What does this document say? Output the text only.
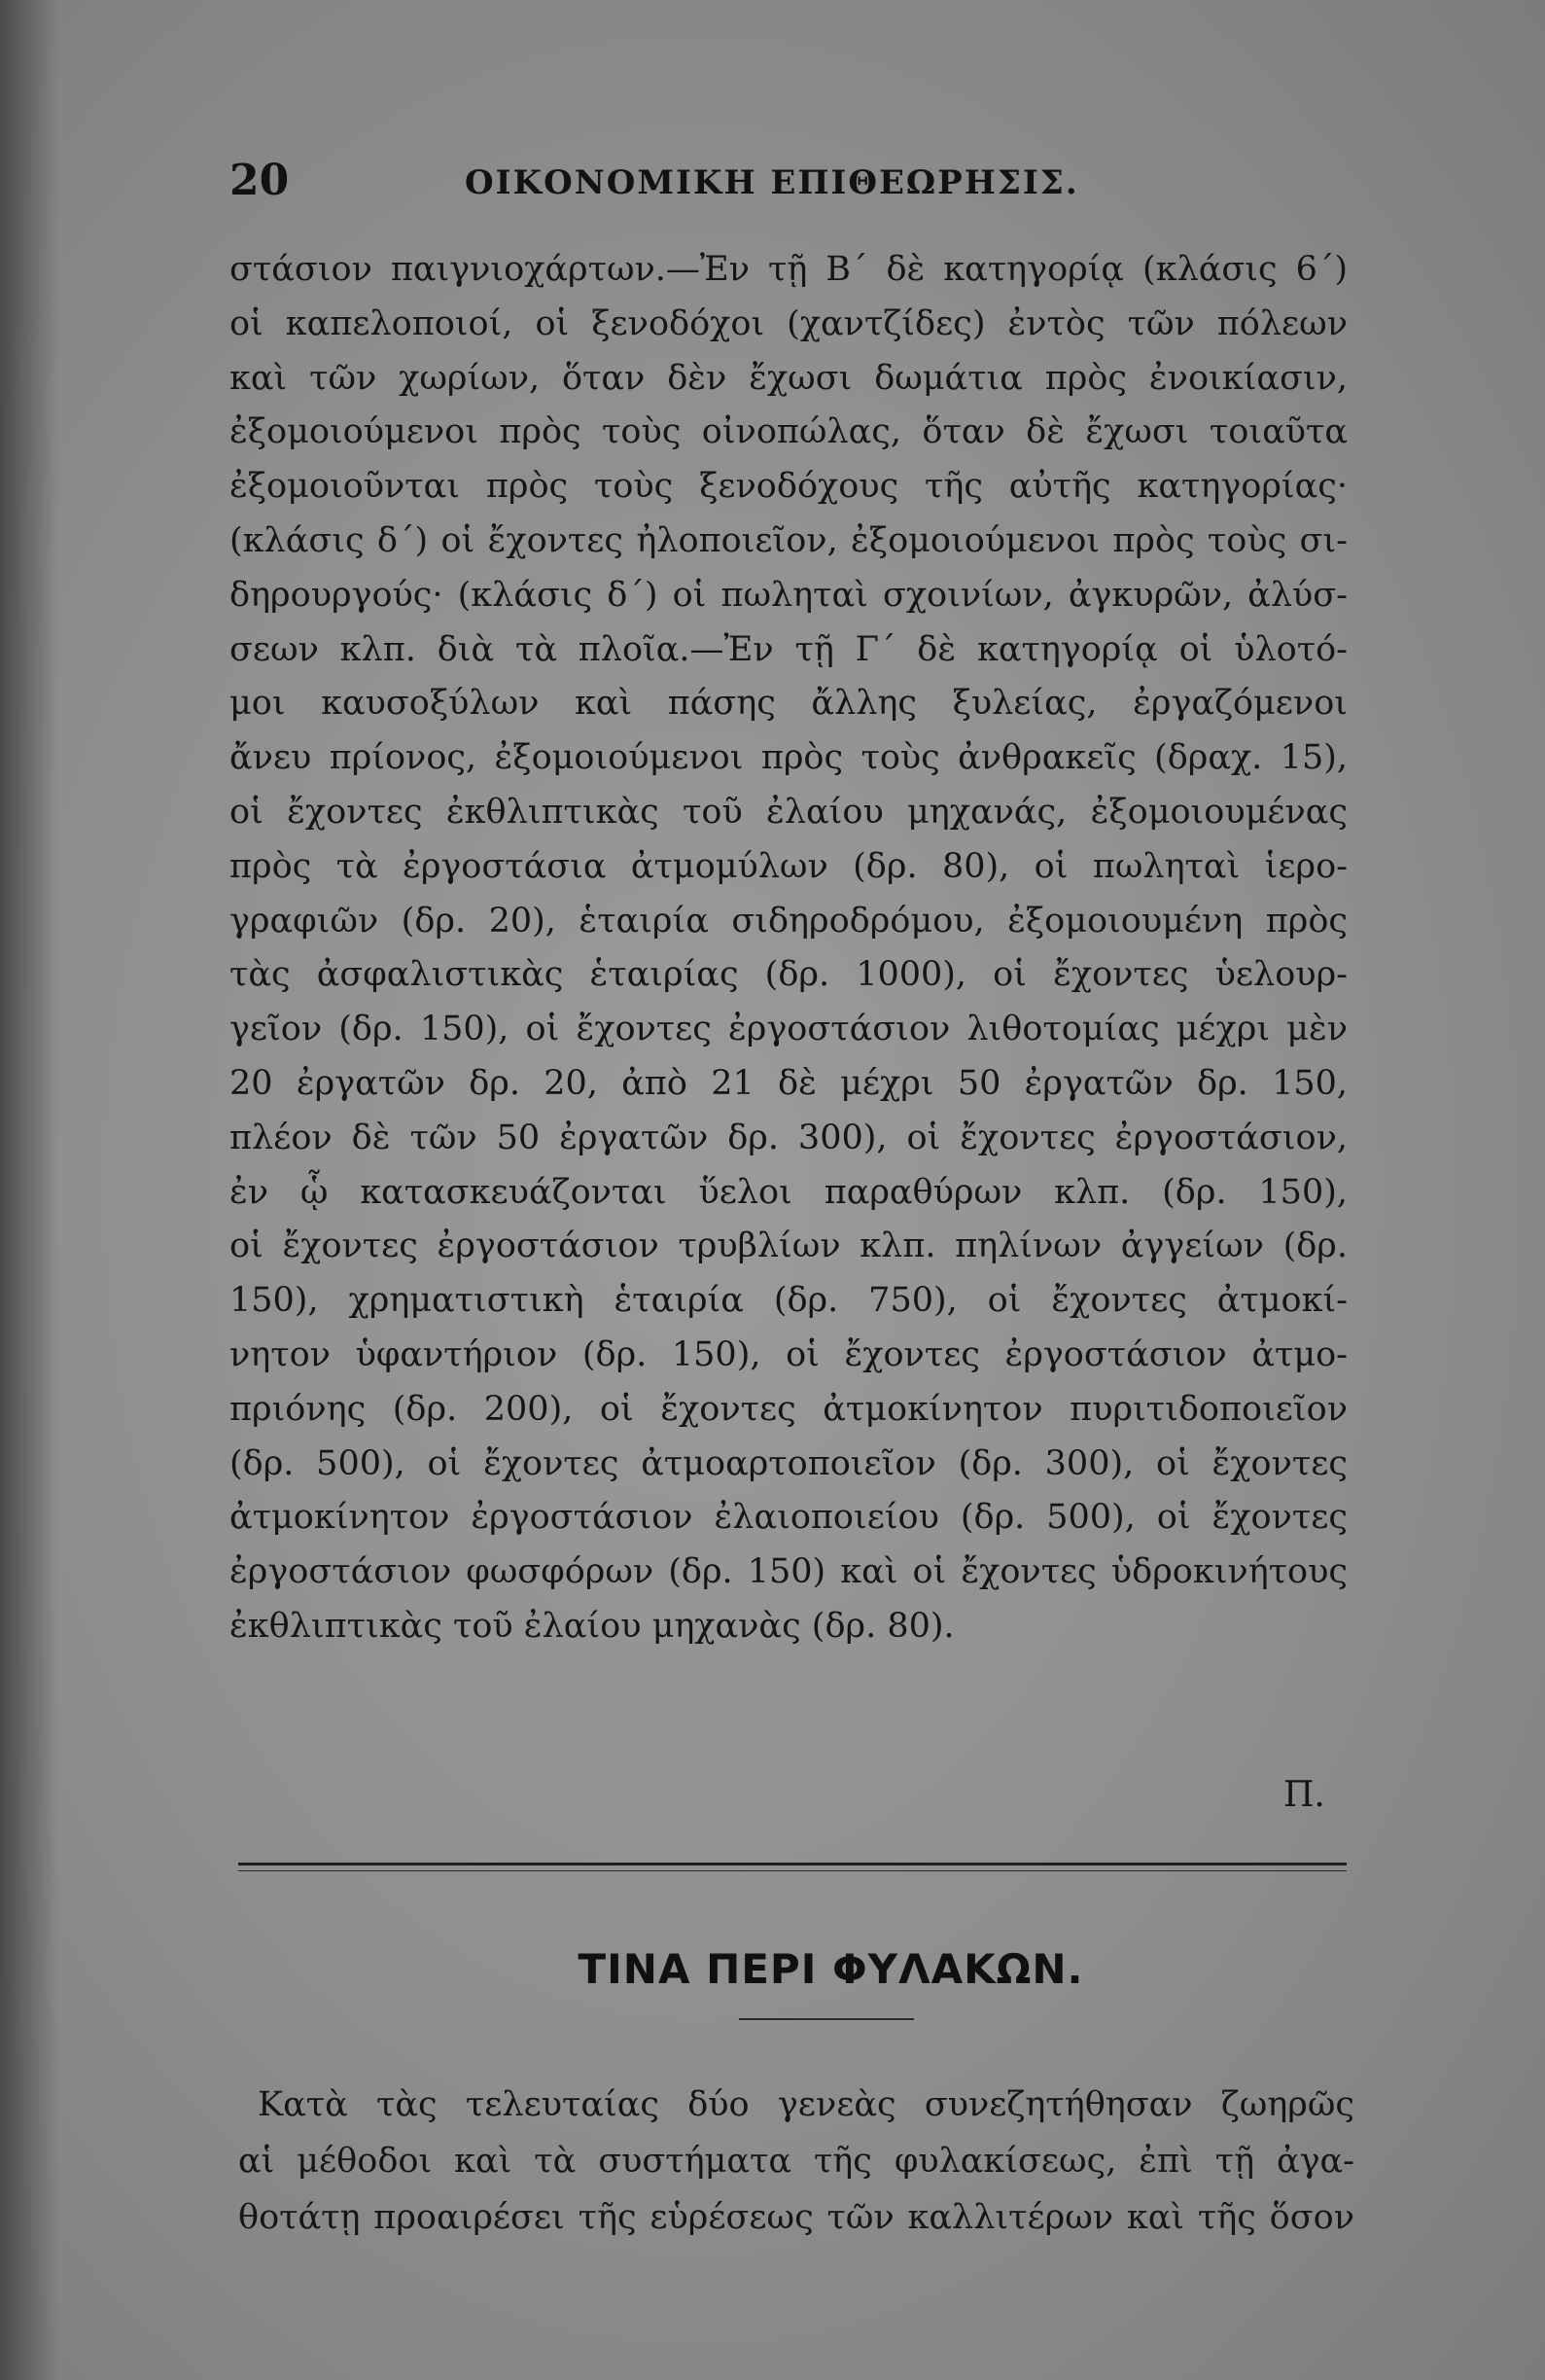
20	ΟΙΚΟΝΟΜΙΚΗ ΕΠΙΘΕΩΡΗΣΙΣ.
στάσιον παιγνιοχάρτων.—Ἐν τῇ Β΄ δὲ κατηγορίᾳ (κλάσις 6΄)
οἱ καπελοποιοί, οἱ ξενοδόχοι (χαντζίδες) ἐντὸς τῶν πόλεων
καὶ τῶν χωρίων, ὅταν δὲν ἔχωσι δωμάτια πρὸς ἐνοικίασιν,
ἐξομοιούμενοι πρὸς τοὺς οἰνοπώλας, ὅταν δὲ ἔχωσι τοιαῦτα
ἐξομοιοῦνται πρὸς τοὺς ξενοδόχους τῆς αὐτῆς κατηγορίας·
(κλάσις δ΄) οἱ ἔχοντες ἠλοποιεῖον, ἐξομοιούμενοι πρὸς τοὺς σι-
δηρουργούς· (κλάσις δ΄) οἱ πωληταὶ σχοινίων, ἀγκυρῶν, ἀλύσ-
σεων κλπ. διὰ τὰ πλοῖα.—Ἐν τῇ Γ΄ δὲ κατηγορίᾳ οἱ ὑλοτό-
μοι καυσοξύλων καὶ πάσης ἄλλης ξυλείας, ἐργαζόμενοι
ἄνευ πρίονος, ἐξομοιούμενοι πρὸς τοὺς ἀνθρακεῖς (δραχ. 15),
οἱ ἔχοντες ἐκθλιπτικὰς τοῦ ἐλαίου μηχανάς, ἐξομοιουμένας
πρὸς τὰ ἐργοστάσια ἀτμομύλων (δρ. 80), οἱ πωληταὶ ἱερο-
γραφιῶν (δρ. 20), ἑταιρία σιδηροδρόμου, ἐξομοιουμένη πρὸς
τὰς ἀσφαλιστικὰς ἑταιρίας (δρ. 1000), οἱ ἔχοντες ὑελουρ-
γεῖον (δρ. 150), οἱ ἔχοντες ἐργοστάσιον λιθοτομίας μέχρι μὲν
20 ἐργατῶν δρ. 20, ἀπὸ 21 δὲ μέχρι 50 ἐργατῶν δρ. 150,
πλέον δὲ τῶν 50 ἐργατῶν δρ. 300), οἱ ἔχοντες ἐργοστάσιον,
ἐν ᾧ κατασκευάζονται ὕελοι παραθύρων κλπ. (δρ. 150),
οἱ ἔχοντες ἐργοστάσιον τρυβλίων κλπ. πηλίνων ἀγγείων (δρ.
150), χρηματιστικὴ ἑταιρία (δρ. 750), οἱ ἔχοντες ἀτμοκί-
νητον ὑφαντήριον (δρ. 150), οἱ ἔχοντες ἐργοστάσιον ἀτμο-
πριόνης (δρ. 200), οἱ ἔχοντες ἀτμοκίνητον πυριτιδοποιεῖον
(δρ. 500), οἱ ἔχοντες ἀτμοαρτοποιεῖον (δρ. 300), οἱ ἔχοντες
ἀτμοκίνητον ἐργοστάσιον ἐλαιοποιείου (δρ. 500), οἱ ἔχοντες
ἐργοστάσιον φωσφόρων (δρ. 150) καὶ οἱ ἔχοντες ὑδροκινήτους
ἐκθλιπτικὰς τοῦ ἐλαίου μηχανὰς (δρ. 80).
Π.
ΤΙΝΑ ΠΕΡΙ ΦΥΛΑΚΩΝ.
Κατὰ τὰς τελευταίας δύο γενεὰς συνεζητήθησαν ζωηρῶς
αἱ μέθοδοι καὶ τὰ συστήματα τῆς φυλακίσεως, ἐπὶ τῇ ἀγα-
θοτάτῃ προαιρέσει τῆς εὑρέσεως τῶν καλλιτέρων καὶ τῆς ὅσον
